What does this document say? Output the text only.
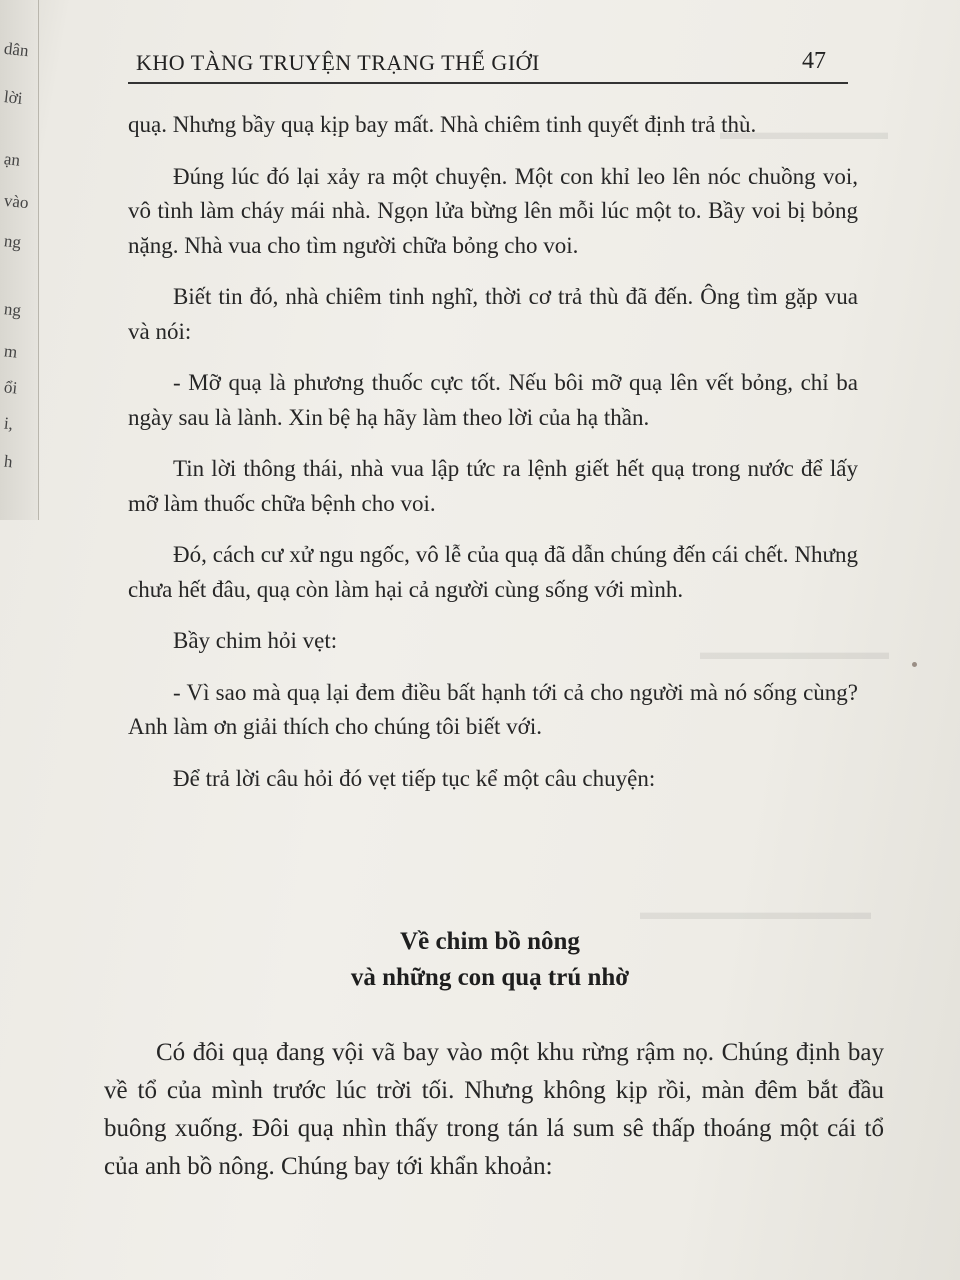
dân
lời
ạn
vào
ng
ng
m
ổi
i,
h
▬▬▬▬▬▬▬▬
▬▬▬▬▬▬▬▬▬
▬▬▬▬▬▬▬▬▬▬▬
KHO TÀNG TRUYỆN TRẠNG THẾ GIỚI	47

quạ. Nhưng bầy quạ kịp bay mất. Nhà chiêm tinh quyết định trả thù.

Đúng lúc đó lại xảy ra một chuyện. Một con khỉ leo lên nóc chuồng voi, vô tình làm cháy mái nhà. Ngọn lửa bừng lên mỗi lúc một to. Bầy voi bị bỏng nặng. Nhà vua cho tìm người chữa bỏng cho voi.

Biết tin đó, nhà chiêm tinh nghĩ, thời cơ trả thù đã đến. Ông tìm gặp vua và nói:

- Mỡ quạ là phương thuốc cực tốt. Nếu bôi mỡ quạ lên vết bỏng, chỉ ba ngày sau là lành. Xin bệ hạ hãy làm theo lời của hạ thần.

Tin lời thông thái, nhà vua lập tức ra lệnh giết hết quạ trong nước để lấy mỡ làm thuốc chữa bệnh cho voi.

Đó, cách cư xử ngu ngốc, vô lễ của quạ đã dẫn chúng đến cái chết. Nhưng chưa hết đâu, quạ còn làm hại cả người cùng sống với mình.

Bầy chim hỏi vẹt:

- Vì sao mà quạ lại đem điều bất hạnh tới cả cho người mà nó sống cùng? Anh làm ơn giải thích cho chúng tôi biết với.

Để trả lời câu hỏi đó vẹt tiếp tục kể một câu chuyện:

Về chim bồ nông
và những con quạ trú nhờ

Có đôi quạ đang vội vã bay vào một khu rừng rậm nọ. Chúng định bay về tổ của mình trước lúc trời tối. Nhưng không kịp rồi, màn đêm bắt đầu buông xuống. Đôi quạ nhìn thấy trong tán lá sum sê thấp thoáng một cái tổ của anh bồ nông. Chúng bay tới khẩn khoản:
